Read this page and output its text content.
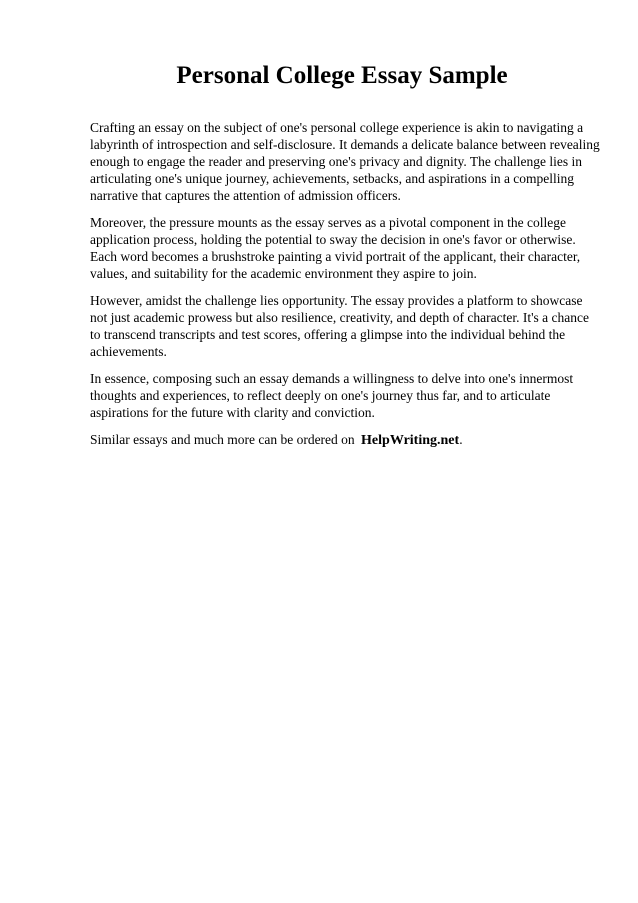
Personal College Essay Sample

Crafting an essay on the subject of one's personal college experience is akin to navigating a labyrinth of introspection and self-disclosure. It demands a delicate balance between revealing enough to engage the reader and preserving one's privacy and dignity. The challenge lies in articulating one's unique journey, achievements, setbacks, and aspirations in a compelling narrative that captures the attention of admission officers.

Moreover, the pressure mounts as the essay serves as a pivotal component in the college application process, holding the potential to sway the decision in one's favor or otherwise. Each word becomes a brushstroke painting a vivid portrait of the applicant, their character, values, and suitability for the academic environment they aspire to join.

However, amidst the challenge lies opportunity. The essay provides a platform to showcase not just academic prowess but also resilience, creativity, and depth of character. It's a chance to transcend transcripts and test scores, offering a glimpse into the individual behind the achievements.

In essence, composing such an essay demands a willingness to delve into one's innermost thoughts and experiences, to reflect deeply on one's journey thus far, and to articulate aspirations for the future with clarity and conviction.

Similar essays and much more can be ordered on HelpWriting.net.
